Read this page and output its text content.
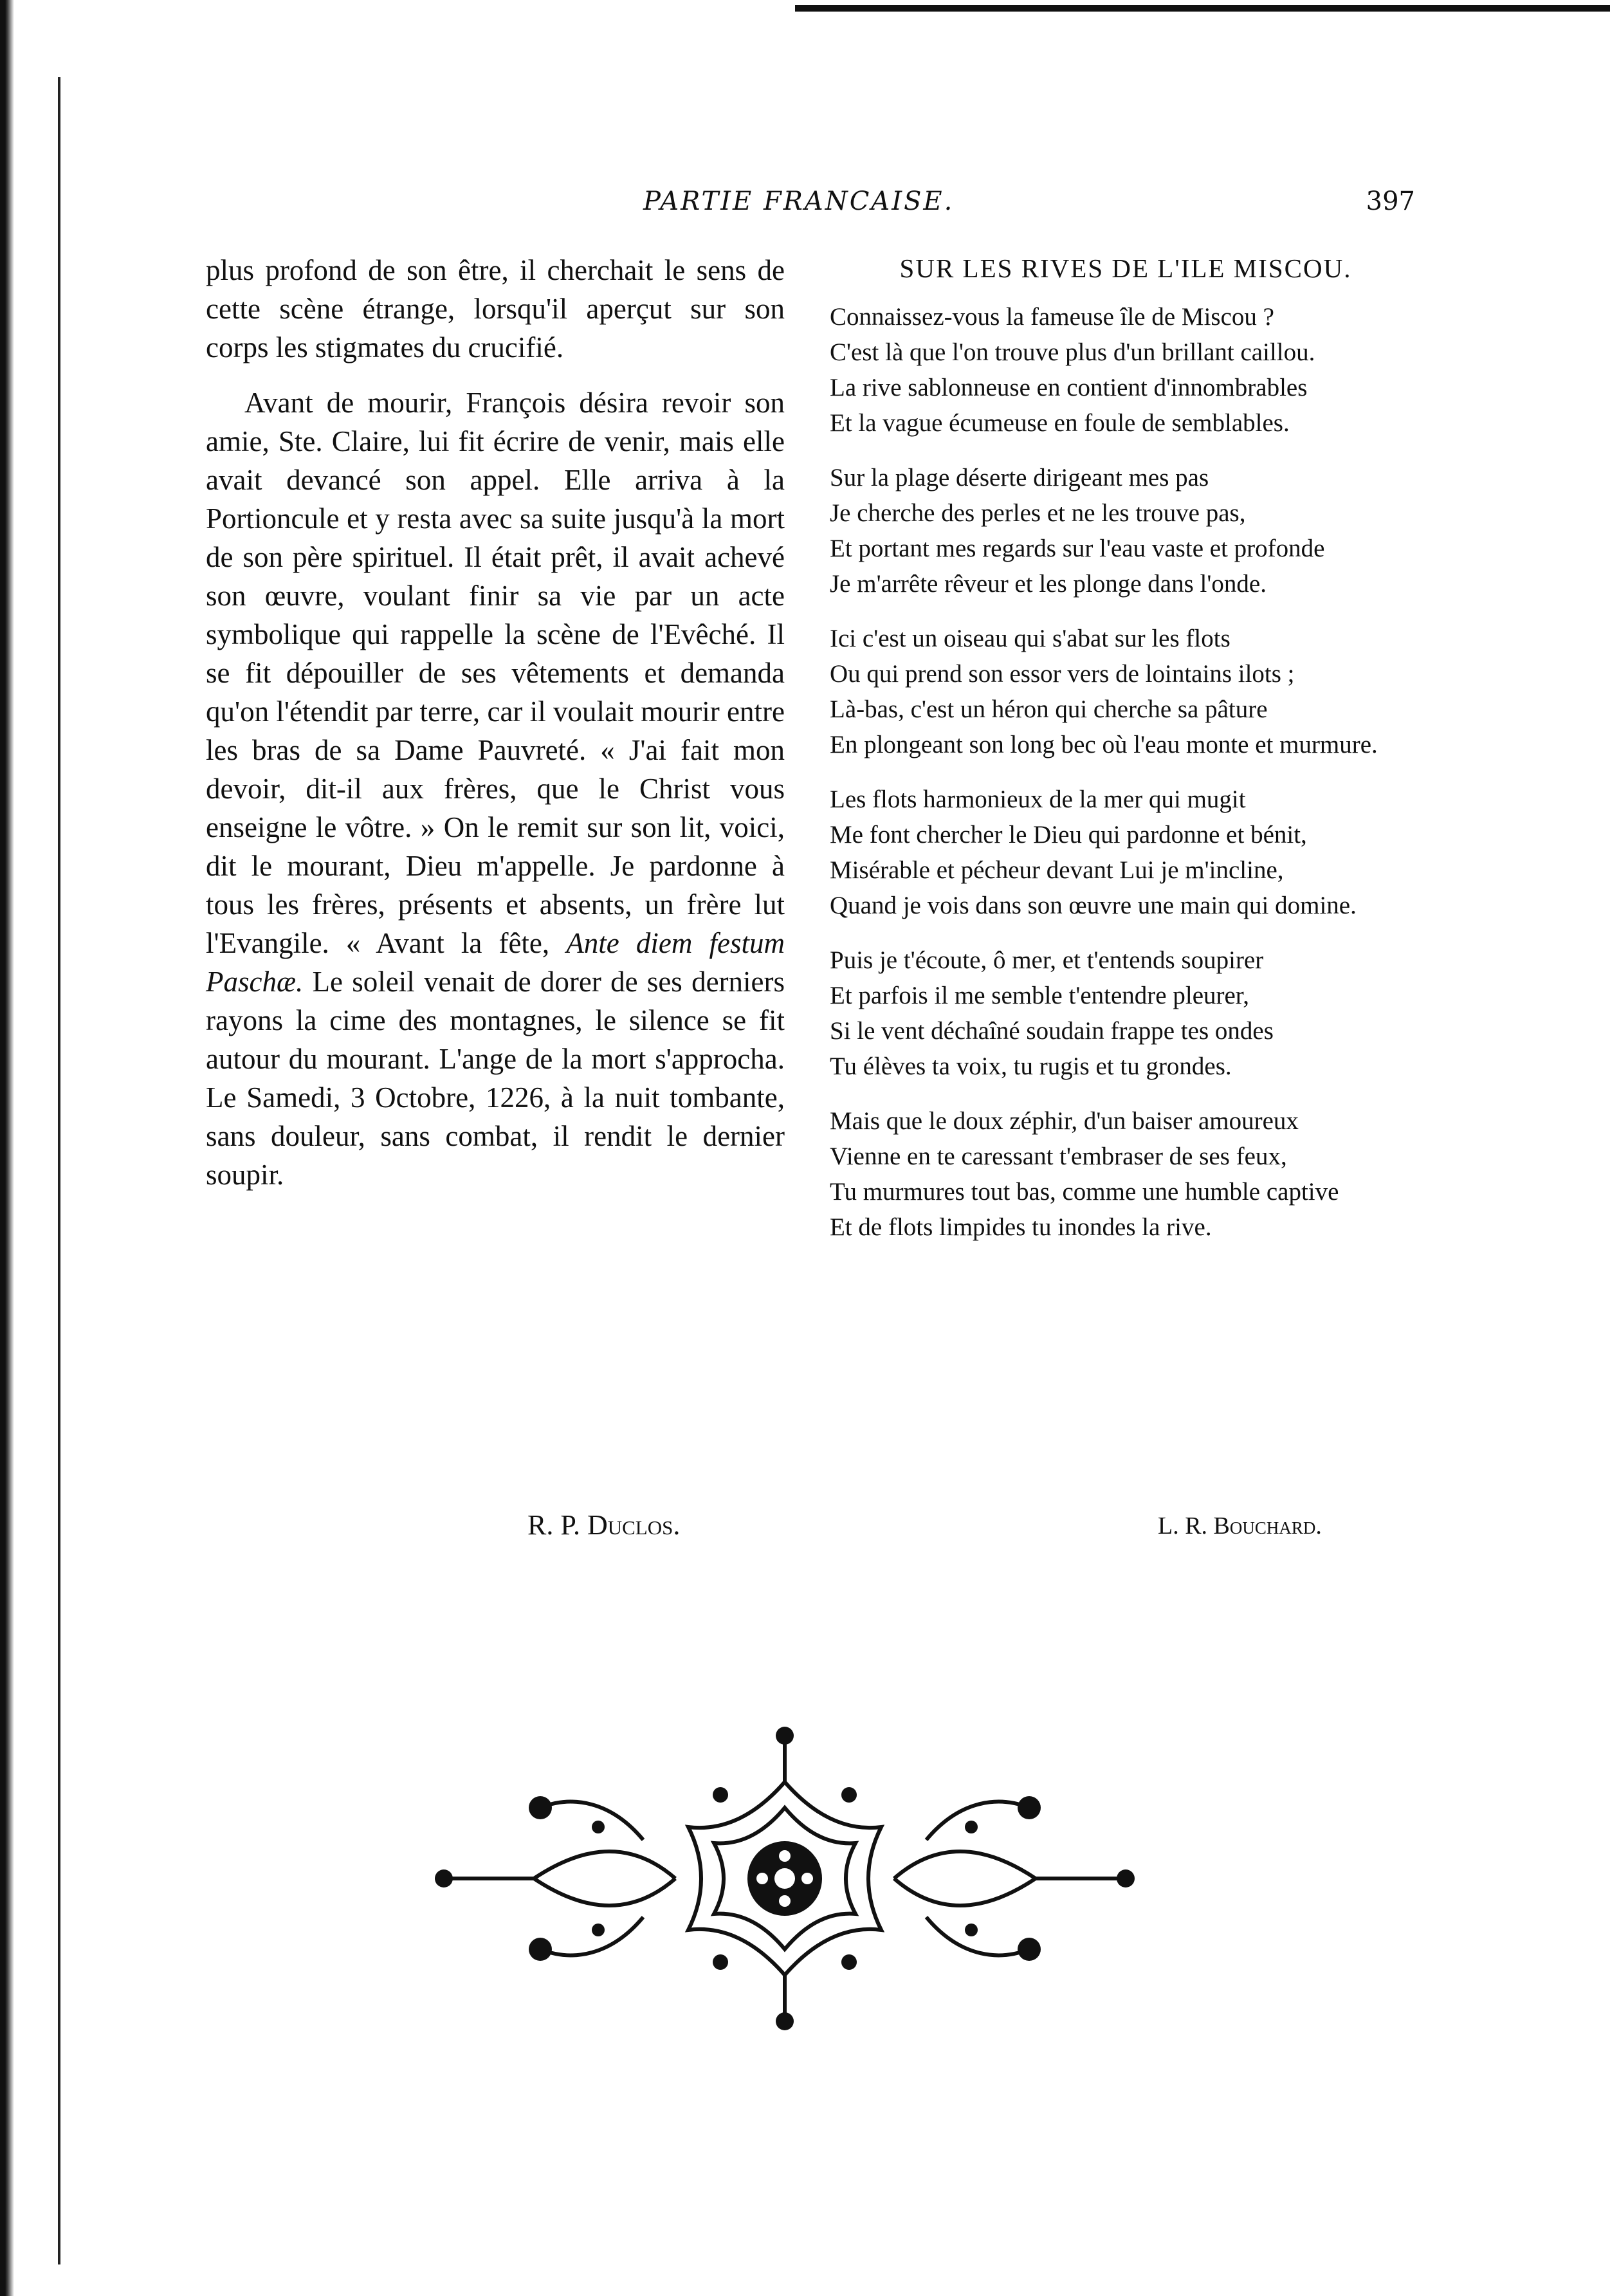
PARTIE FRANCAISE.	397

plus profond de son être, il cherchait le sens de cette scène étrange, lorsqu'il aperçut sur son corps les stigmates du crucifié.

Avant de mourir, François désira revoir son amie, Ste. Claire, lui fit écrire de venir, mais elle avait devancé son appel. Elle arriva à la Portioncule et y resta avec sa suite jusqu'à la mort de son père spirituel. Il était prêt, il avait achevé son œuvre, voulant finir sa vie par un acte symbolique qui rappelle la scène de l'Evêché. Il se fit dépouiller de ses vêtements et demanda qu'on l'étendit par terre, car il voulait mourir entre les bras de sa Dame Pauvreté. « J'ai fait mon devoir, dit-il aux frères, que le Christ vous enseigne le vôtre. » On le remit sur son lit, voici, dit le mourant, Dieu m'appelle. Je pardonne à tous les frères, présents et absents, un frère lut l'Evangile. « Avant la fête, Ante diem festum Paschæ. Le soleil venait de dorer de ses derniers rayons la cime des montagnes, le silence se fit autour du mourant. L'ange de la mort s'approcha. Le Samedi, 3 Octobre, 1226, à la nuit tombante, sans douleur, sans combat, il rendit le dernier soupir.

R. P. Duclos.
SUR LES RIVES DE L'ILE MISCOU.
Connaissez-vous la fameuse île de Miscou ?
C'est là que l'on trouve plus d'un brillant caillou.
La rive sablonneuse en contient d'innombrables
Et la vague écumeuse en foule de semblables.
Sur la plage déserte dirigeant mes pas
Je cherche des perles et ne les trouve pas,
Et portant mes regards sur l'eau vaste et profonde
Je m'arrête rêveur et les plonge dans l'onde.
Ici c'est un oiseau qui s'abat sur les flots
Ou qui prend son essor vers de lointains ilots ;
Là-bas, c'est un héron qui cherche sa pâture
En plongeant son long bec où l'eau monte et murmure.
Les flots harmonieux de la mer qui mugit
Me font chercher le Dieu qui pardonne et bénit,
Misérable et pécheur devant Lui je m'incline,
Quand je vois dans son œuvre une main qui domine.
Puis je t'écoute, ô mer, et t'entends soupirer
Et parfois il me semble t'entendre pleurer,
Si le vent déchaîné soudain frappe tes ondes
Tu élèves ta voix, tu rugis et tu grondes.
Mais que le doux zéphir, d'un baiser amoureux
Vienne en te caressant t'embraser de ses feux,
Tu murmures tout bas, comme une humble captive
Et de flots limpides tu inondes la rive.
L. R. Bouchard.
